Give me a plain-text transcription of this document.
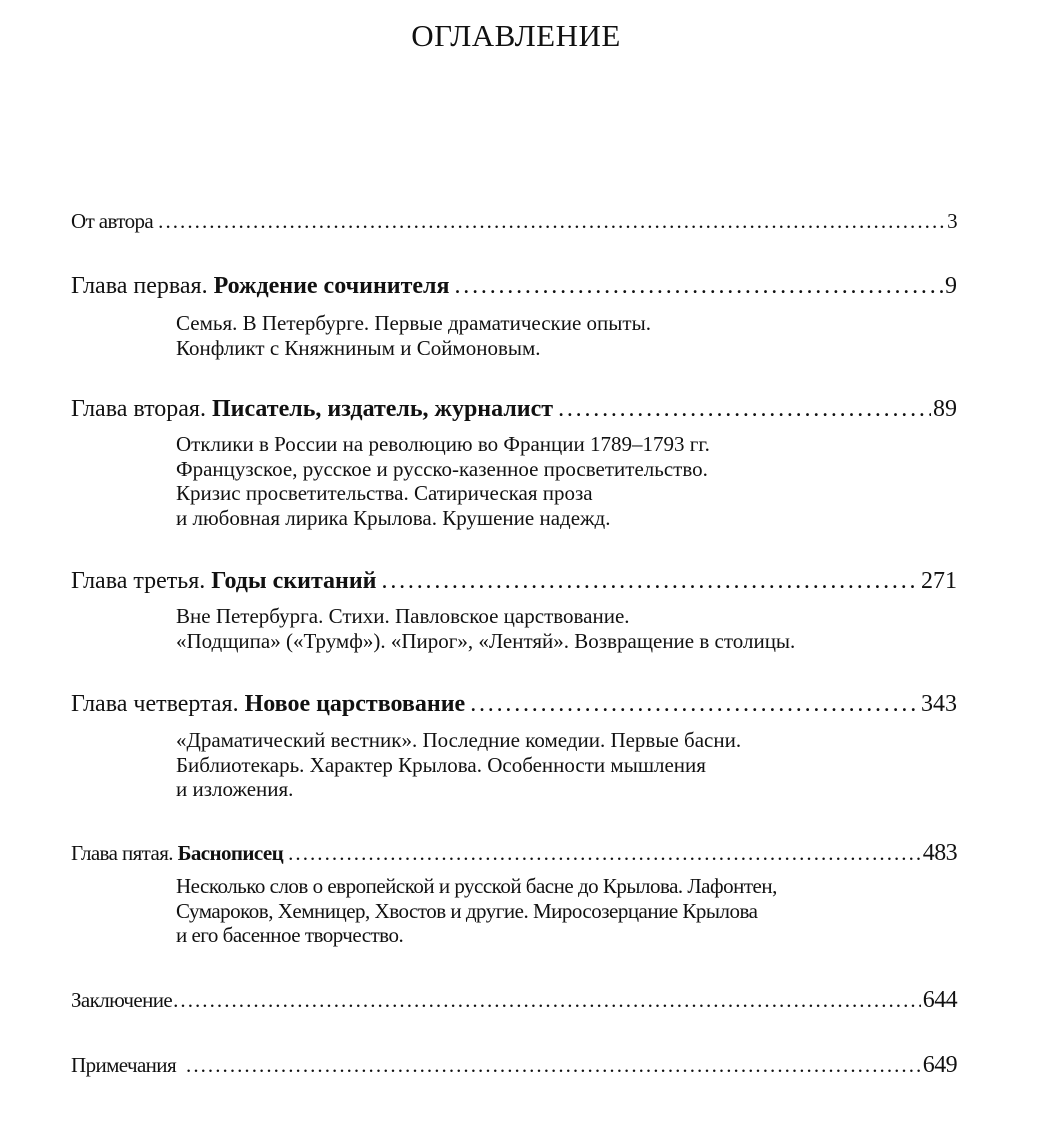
ОГЛАВЛЕНИЕ
От автора . . .	3
Глава первая. Рождение сочинителя . . .	9
Семья. В Петербурге. Первые драматические опыты.
Конфликт с Княжниным и Соймоновым.
Глава вторая. Писатель, издатель, журналист . . .	89
Отклики в России на революцию во Франции 1789–1793 гг.
Французское, русское и русско-казенное просветительство.
Кризис просветительства. Сатирическая проза
и любовная лирика Крылова. Крушение надежд.
Глава третья. Годы скитаний . . .	271
Вне Петербурга. Стихи. Павловское царствование.
«Подщипа» («Трумф»). «Пирог», «Лентяй». Возвращение в столицы.
Глава четвертая. Новое царствование . . .	343
«Драматический вестник». Последние комедии. Первые басни.
Библиотекарь. Характер Крылова. Особенности мышления
и изложения.
Глава пятая. Баснописец . . .	483
Несколько слов о европейской и русской басне до Крылова. Лафонтен,
Сумароков, Хемницер, Хвостов и другие. Миросозерцание Крылова
и его басенное творчество.
Заключение . . .	644
Примечания . . .	649
